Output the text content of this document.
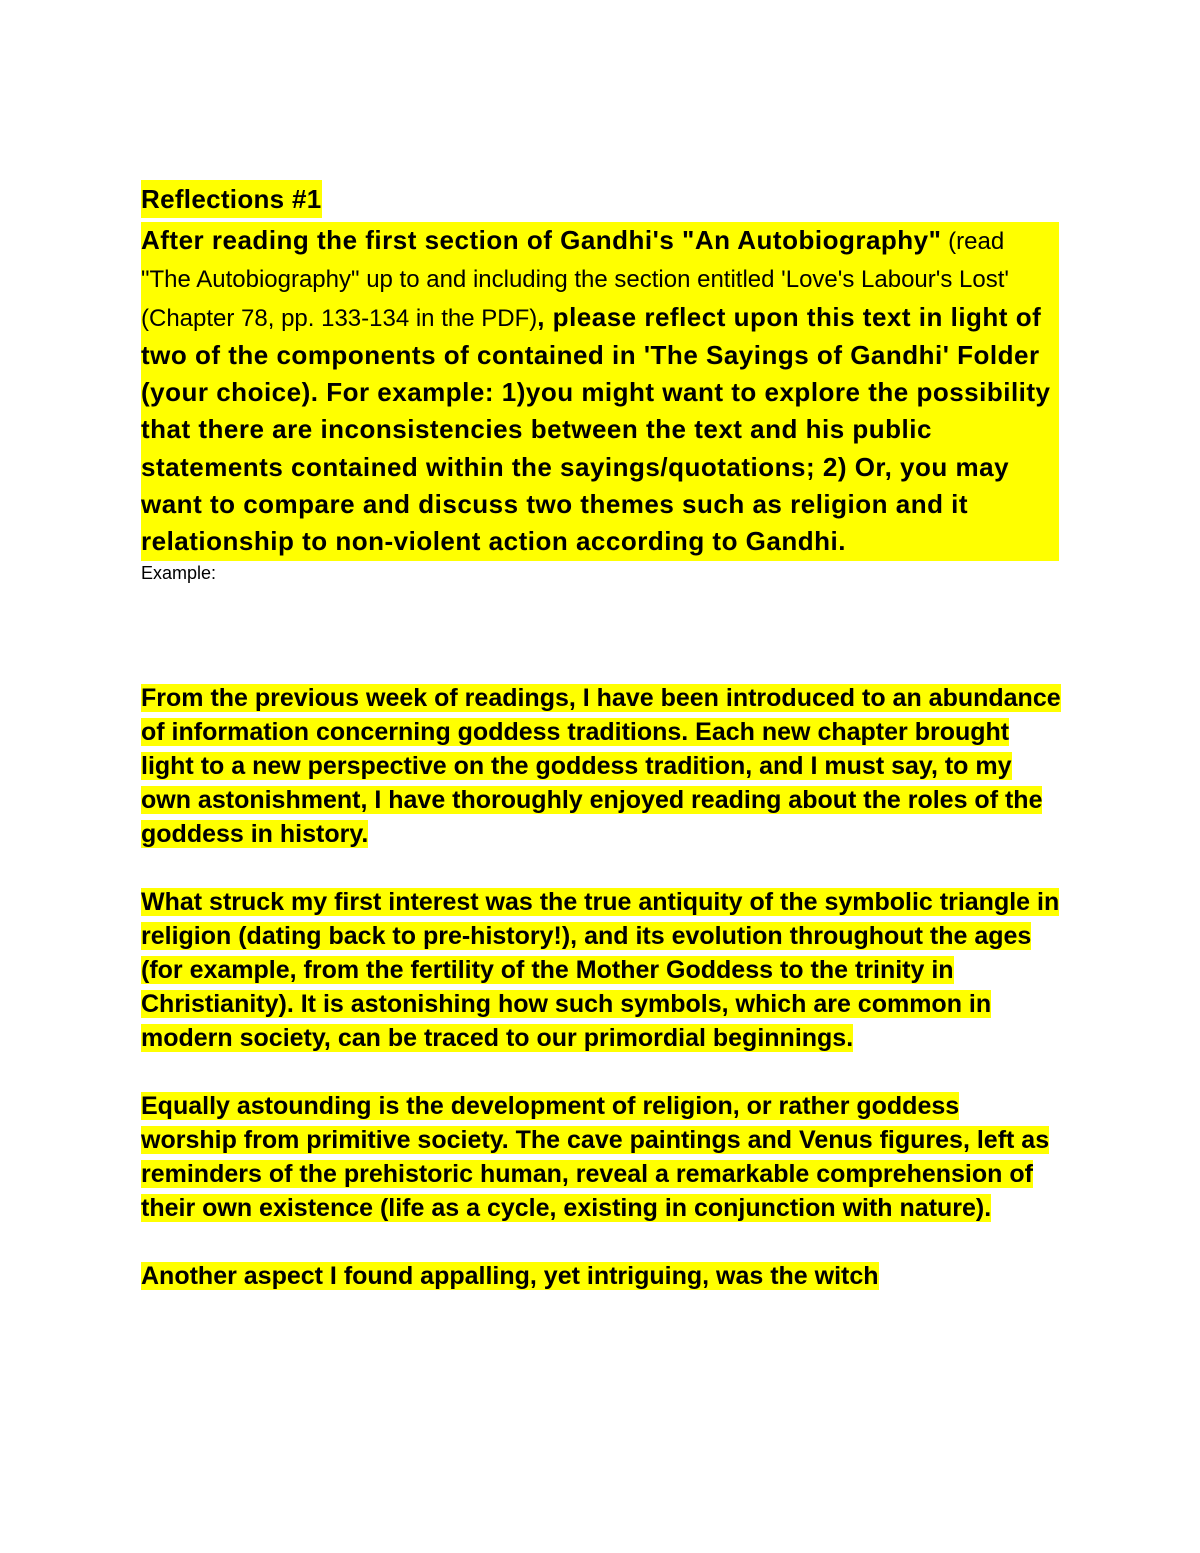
Reflections #1
After reading the first section of Gandhi's "An Autobiography" (read "The Autobiography" up to and including the section entitled 'Love's Labour's Lost' (Chapter 78, pp. 133-134 in the PDF), please reflect upon this text in light of two of the components of contained in 'The Sayings of Gandhi' Folder (your choice). For example: 1)you might want to explore the possibility that there are inconsistencies between the text and his public statements contained within the sayings/quotations; 2) Or, you may want to compare and discuss two themes such as religion and it relationship to non-violent action according to Gandhi.

Example:

From the previous week of readings, I have been introduced to an abundance of information concerning goddess traditions. Each new chapter brought light to a new perspective on the goddess tradition, and I must say, to my own astonishment, I have thoroughly enjoyed reading about the roles of the goddess in history.

What struck my first interest was the true antiquity of the symbolic triangle in religion (dating back to pre-history!), and its evolution throughout the ages (for example, from the fertility of the Mother Goddess to the trinity in Christianity). It is astonishing how such symbols, which are common in modern society, can be traced to our primordial beginnings.

Equally astounding is the development of religion, or rather goddess worship from primitive society. The cave paintings and Venus figures, left as reminders of the prehistoric human, reveal a remarkable comprehension of their own existence (life as a cycle, existing in conjunction with nature).

Another aspect I found appalling, yet intriguing, was the witch
